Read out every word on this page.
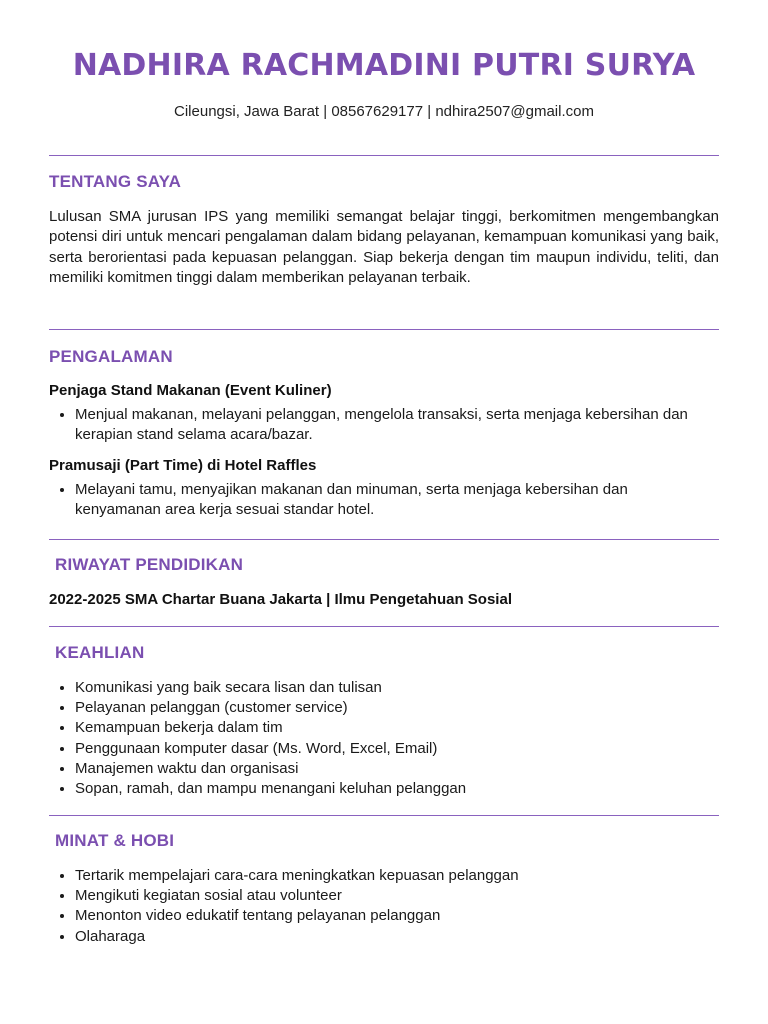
NADHIRA RACHMADINI PUTRI SURYA
Cileungsi, Jawa Barat | 08567629177 | ndhira2507@gmail.com
TENTANG SAYA

Lulusan SMA jurusan IPS yang memiliki semangat belajar tinggi, berkomitmen mengembangkan potensi diri untuk mencari pengalaman dalam bidang pelayanan, kemampuan komunikasi yang baik, serta berorientasi pada kepuasan pelanggan. Siap bekerja dengan tim maupun individu, teliti, dan memiliki komitmen tinggi dalam memberikan pelayanan terbaik.

PENGALAMAN
Penjaga Stand Makanan (Event Kuliner)
• Menjual makanan, melayani pelanggan, mengelola transaksi, serta menjaga kebersihan dan kerapian stand selama acara/bazar.
Pramusaji (Part Time) di Hotel Raffles
• Melayani tamu, menyajikan makanan dan minuman, serta menjaga kebersihan dan kenyamanan area kerja sesuai standar hotel.
RIWAYAT PENDIDIKAN
2022-2025 SMA Chartar Buana Jakarta | Ilmu Pengetahuan Sosial
KEAHLIAN
• Komunikasi yang baik secara lisan dan tulisan
• Pelayanan pelanggan (customer service)
• Kemampuan bekerja dalam tim
• Penggunaan komputer dasar (Ms. Word, Excel, Email)
• Manajemen waktu dan organisasi
• Sopan, ramah, dan mampu menangani keluhan pelanggan
MINAT & HOBI
• Tertarik mempelajari cara-cara meningkatkan kepuasan pelanggan
• Mengikuti kegiatan sosial atau volunteer
• Menonton video edukatif tentang pelayanan pelanggan
• Olaharaga
